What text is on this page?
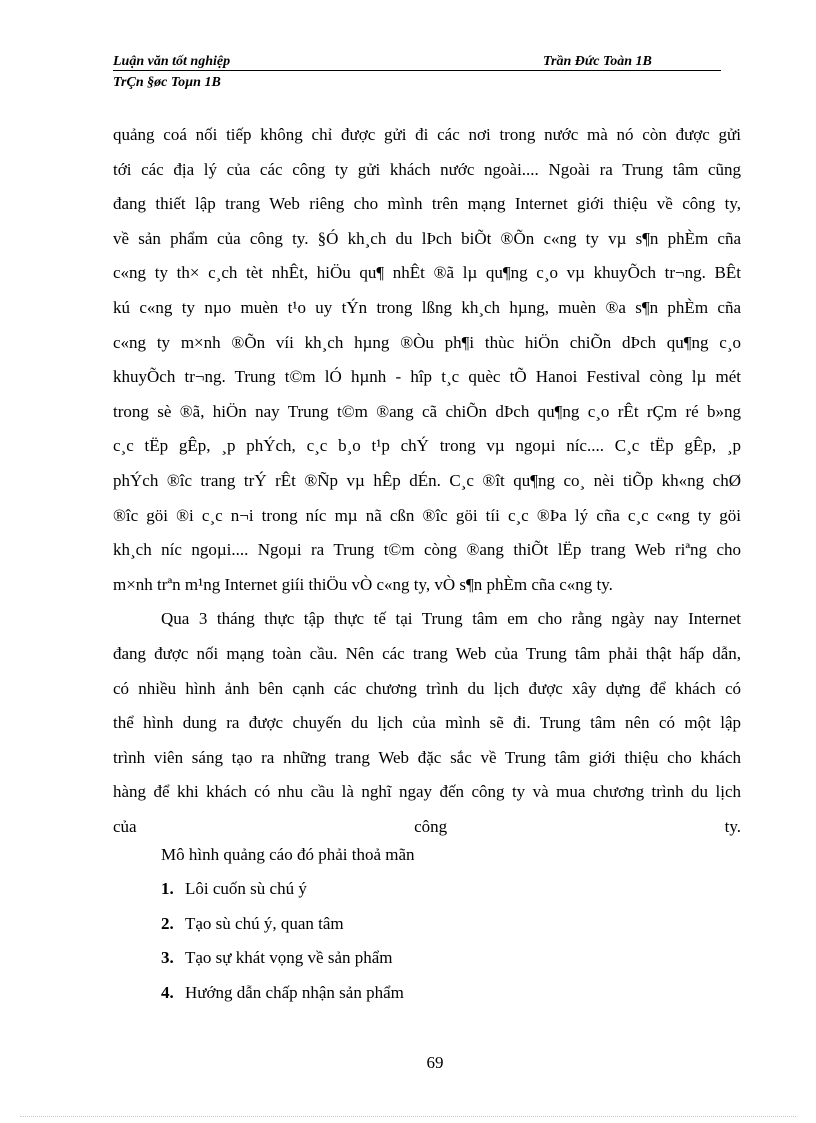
Luận văn tốt nghiệp	Trần Đức Toàn 1B
TrÇn §øc Toµn 1B
quảng coá nối tiếp không chỉ được gửi đi các nơi trong nước mà nó còn được gửi
tới các địa lý của các công ty gửi khách nước ngoài.... Ngoài ra Trung tâm cũng
đang thiết lập trang Web riêng cho mình trên mạng Internet giới thiệu về công ty,
về sản phẩm của công ty. §Ó kh¸ch du lÞch biÕt ®Õn c«ng ty vµ s¶n phÈm cña
c«ng ty th× c¸ch tèt nhÊt, hiÖu qu¶ nhÊt ®ã lµ qu¶ng c¸o vµ khuyÕch tr¬ng. BÊt
kú c«ng ty nµo muèn t¹o uy tÝn trong lßng kh¸ch hµng, muèn ®a s¶n phÈm cña
c«ng ty m×nh ®Õn víi kh¸ch hµng ®Òu ph¶i thùc hiÖn chiÕn dÞch qu¶ng c¸o
khuyÕch tr¬ng. Trung t©m lÓ hµnh - hîp t¸c quèc tÕ Hanoi Festival còng lµ mét
trong sè ®ã, hiÖn nay Trung t©m ®ang cã chiÕn dÞch qu¶ng c¸o rÊt rÇm ré b»ng
c¸c tËp gÊp, ¸p phÝch, c¸c b¸o t¹p chÝ trong vµ ngoµi níc.... C¸c tËp gÊp, ¸p
phÝch ®îc trang trÝ rÊt ®Ñp vµ hÊp dÉn. C¸c ®ît qu¶ng co¸ nèi tiÕp kh«ng chØ
®îc göi ®i c¸c n¬i trong níc mµ nã cßn ®îc göi tíi c¸c ®Þa lý cña c¸c c«ng ty göi
kh¸ch níc ngoµi.... Ngoµi ra Trung t©m còng ®ang thiÕt lËp trang Web riªng cho
m×nh trªn m¹ng Internet giíi thiÖu vÒ c«ng ty, vÒ s¶n phÈm cña c«ng ty.
Qua 3 tháng thực tập thực tế tại Trung tâm em cho rằng ngày nay Internet
đang được nối mạng toàn cầu. Nên các trang Web của Trung tâm phải thật hấp dẫn,
có nhiều hình ảnh bên cạnh các chương trình du lịch được xây dựng để khách có
thể hình dung ra được chuyến du lịch của mình sẽ đi. Trung tâm nên có một lập
trình viên sáng tạo ra những trang Web đặc sắc về Trung tâm giới thiệu cho khách
hàng để khi khách có nhu cầu là nghĩ ngay đến công ty và mua chương trình du lịch
của	công	ty.
Mô hình quảng cáo đó phải thoả mãn
1. Lôi cuốn sù chú ý
2. Tạo sù chú ý, quan tâm
3. Tạo sự khát vọng về sản phẩm
4. Hướng dẫn chấp nhận sản phẩm
69
